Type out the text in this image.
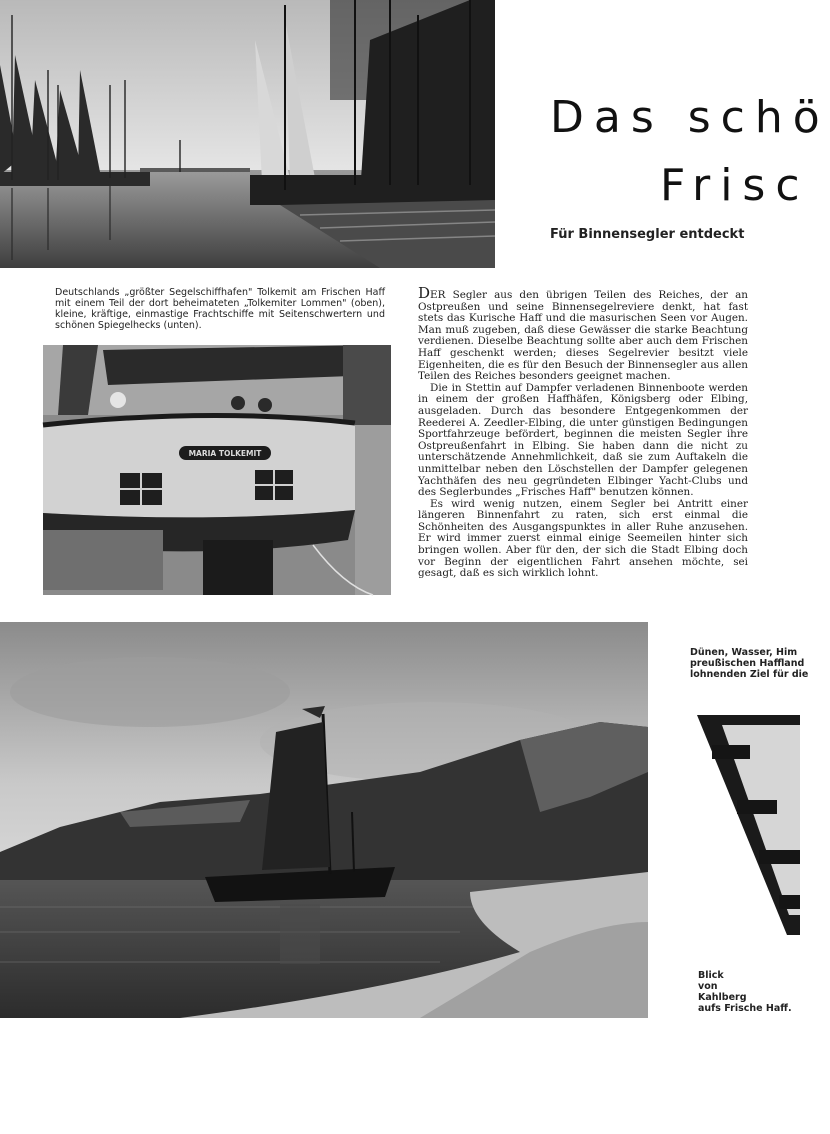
Das schö
Frisc

Für Binnensegler entdeckt

Deutschlands „größter Segelschiffhafen" Tolkemit am Frischen Haff mit einem Teil der dort beheimateten „Tolkemiter Lommen" (oben), kleine, kräftige, einmastige Frachtschiffe mit Seitenschwertern und schönen Spiegelhecks (unten).

MARIA TOLKEMIT

DER Segler aus den übrigen Teilen des Reiches, der an Ostpreußen und seine Binnensegelreviere denkt, hat fast stets das Kurische Haff und die masurischen Seen vor Augen. Man muß zugeben, daß diese Gewässer die starke Beachtung verdienen. Dieselbe Beachtung sollte aber auch dem Frischen Haff geschenkt werden; dieses Segelrevier besitzt viele Eigenheiten, die es für den Besuch der Binnensegler aus allen Teilen des Reiches besonders geeignet machen.

Die in Stettin auf Dampfer verladenen Binnenboote werden in einem der großen Haffhäfen, Königsberg oder Elbing, ausgeladen. Durch das besondere Entgegenkommen der Reederei A. Zeedler-Elbing, die unter günstigen Bedingungen Sportfahrzeuge befördert, beginnen die meisten Segler ihre Ostpreußenfahrt in Elbing. Sie haben dann die nicht zu unterschätzende Annehmlichkeit, daß sie zum Auftakeln die unmittelbar neben den Löschstellen der Dampfer gelegenen Yachthäfen des neu gegründeten Elbinger Yacht-Clubs und des Seglerbundes „Frisches Haff" benutzen können.

Es wird wenig nutzen, einem Segler bei Antritt einer längeren Binnenfahrt zu raten, sich erst einmal die Schönheiten des Ausgangspunktes in aller Ruhe anzusehen. Er wird immer zuerst einmal einige Seemeilen hinter sich bringen wollen. Aber für den, der sich die Stadt Elbing doch vor Beginn der eigentlichen Fahrt ansehen möchte, sei gesagt, daß es sich wirklich lohnt.

Dünen, Wasser, Him
preußischen Haffland
lohnenden Ziel für die

Blick
von
Kahlberg
aufs Frische Haff.
